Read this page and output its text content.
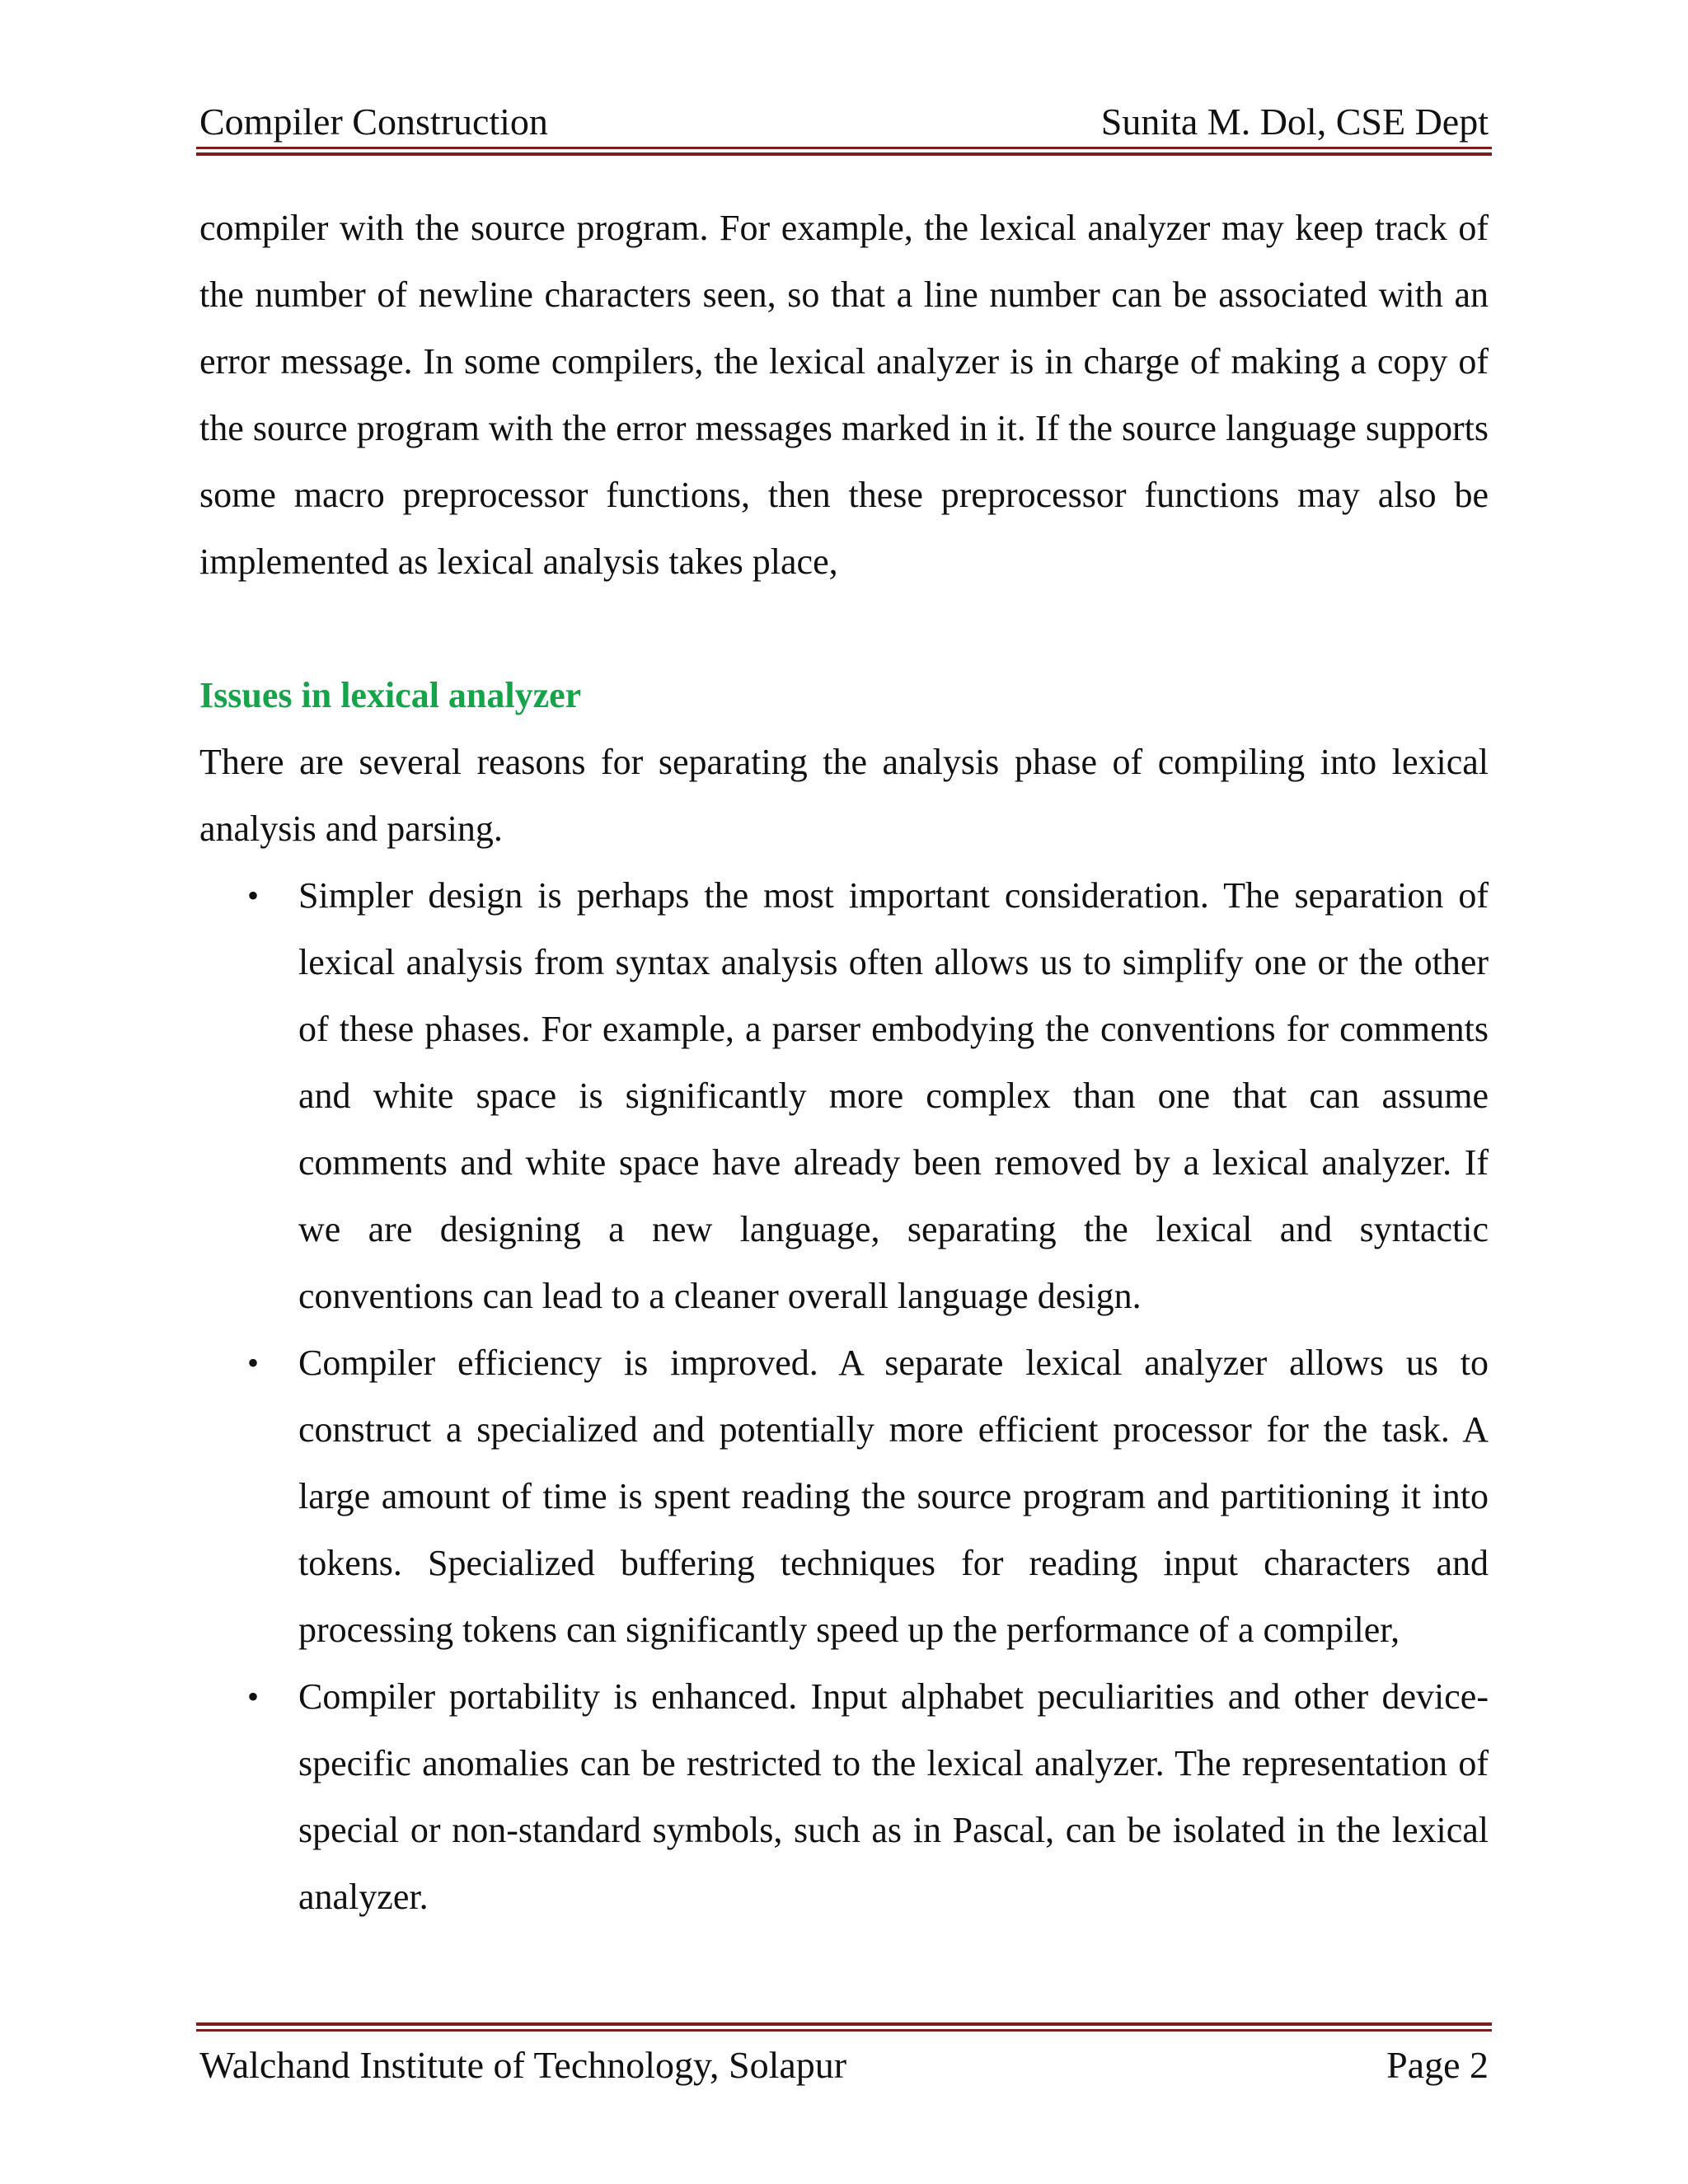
Compiler Construction	Sunita M. Dol, CSE Dept

compiler with the source program. For example, the lexical analyzer may keep track of the number of newline characters seen, so that a line number can be associated with an error message. In some compilers, the lexical analyzer is in charge of making a copy of the source program with the error messages marked in it. If the source language supports some macro preprocessor functions, then these preprocessor functions may also be implemented as lexical analysis takes place,

Issues in lexical analyzer

There are several reasons for separating the analysis phase of compiling into lexical analysis and parsing.

•	Simpler design is perhaps the most important consideration. The separation of lexical analysis from syntax analysis often allows us to simplify one or the other of these phases. For example, a parser embodying the conventions for comments and white space is significantly more complex than one that can assume comments and white space have already been removed by a lexical analyzer. If we are designing a new language, separating the lexical and syntactic conventions can lead to a cleaner overall language design.
•	Compiler efficiency is improved. A separate lexical analyzer allows us to construct a specialized and potentially more efficient processor for the task. A large amount of time is spent reading the source program and partitioning it into tokens. Specialized buffering techniques for reading input characters and processing tokens can significantly speed up the performance of a compiler,
•	Compiler portability is enhanced. Input alphabet peculiarities and other device-specific anomalies can be restricted to the lexical analyzer. The representation of special or non-standard symbols, such as in Pascal, can be isolated in the lexical analyzer.
Walchand Institute of Technology, Solapur	Page 2
